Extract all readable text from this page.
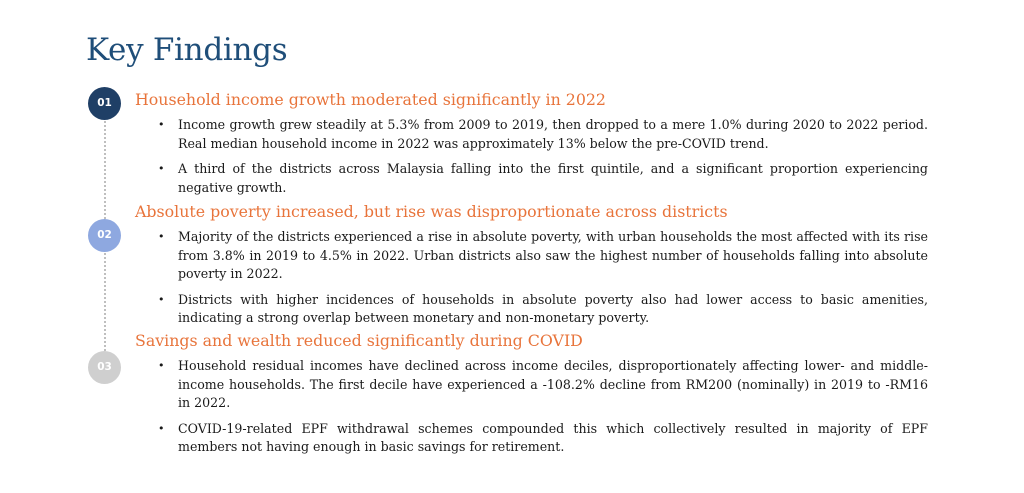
Key Findings
01	Household income growth moderated significantly in 2022
• Income growth grew steadily at 5.3% from 2009 to 2019, then dropped to a mere 1.0% during 2020 to 2022 period. Real median household income in 2022 was approximately 13% below the pre-COVID trend.
• A third of the districts across Malaysia falling into the first quintile, and a significant proportion experiencing negative growth.
02
Absolute poverty increased, but rise was disproportionate across districts
• Majority of the districts experienced a rise in absolute poverty, with urban households the most affected with its rise from 3.8% in 2019 to 4.5% in 2022. Urban districts also saw the highest number of households falling into absolute poverty in 2022.
• Districts with higher incidences of households in absolute poverty also had lower access to basic amenities, indicating a strong overlap between monetary and non-monetary poverty.
03
Savings and wealth reduced significantly during COVID
• Household residual incomes have declined across income deciles, disproportionately affecting lower- and middle-income households. The first decile have experienced a -108.2% decline from RM200 (nominally) in 2019 to -RM16 in 2022.
• COVID-19-related EPF withdrawal schemes compounded this which collectively resulted in majority of EPF members not having enough in basic savings for retirement.
